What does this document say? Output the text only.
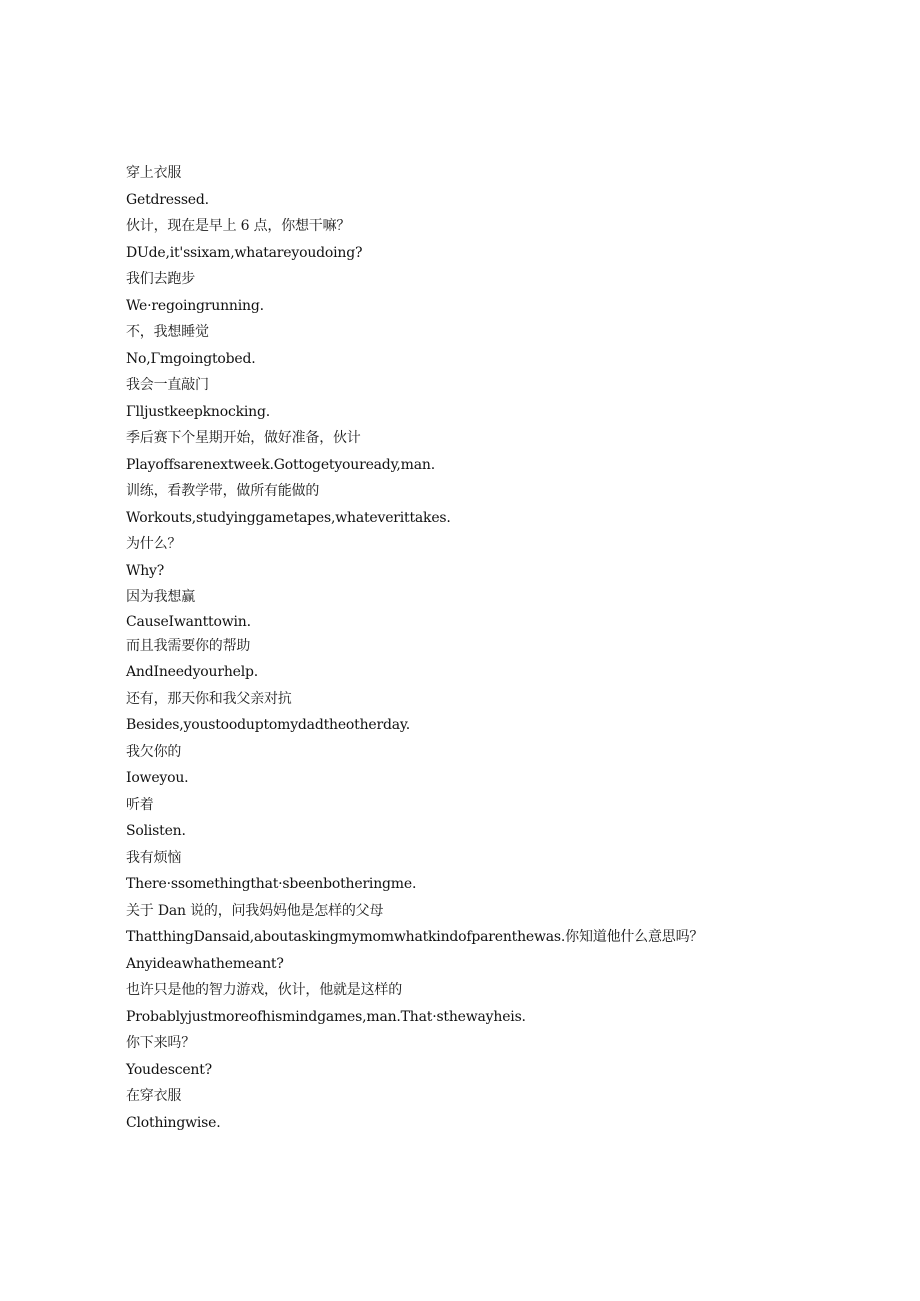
穿上衣服
Getdressed.
伙计，现在是早上 6 点，你想干嘛？
DUde,it'ssixam,whatareyoudoing?
我们去跑步
We·regoingrunning.
不，我想睡觉
No,Γmgoingtobed.
我会一直敲门
Γlljustkeepknocking.
季后赛下个星期开始，做好准备，伙计
Playoffsarenextweek.Gottogetyouready,man.
训练，看教学带，做所有能做的
Workouts,studyinggametapes,whateverittakes.
为什么？
Why?
因为我想赢
CauseIwanttowin.
而且我需要你的帮助
AndIneedyourhelp.
还有，那天你和我父亲对抗
Besides,youstooduptomydadtheotherday.
我欠你的
Ioweyou.
听着
Solisten.
我有烦恼
There·ssomethingthat·sbeenbotheringme.
关于 Dan 说的，问我妈妈他是怎样的父母
ThatthingDansaid,aboutaskingmymomwhatkindofparenthewas.你知道他什么意思吗？
Anyideawhathemeant?
也许只是他的智力游戏，伙计，他就是这样的
Probablyjustmoreofhismindgames,man.That·sthewayheis.
你下来吗？
Youdescent?
在穿衣服
Clothingwise.
